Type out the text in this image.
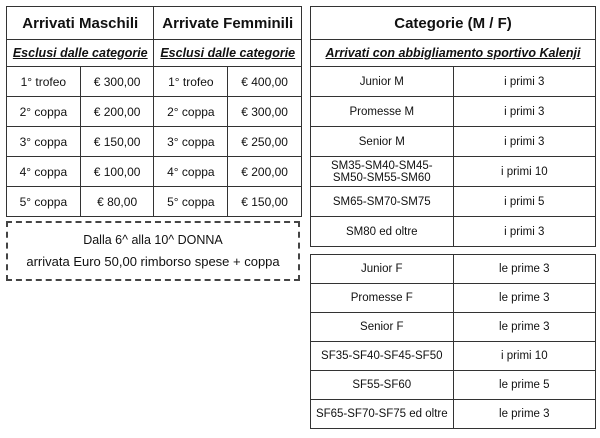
Arrivati Maschili		Arrivate Femminili	
Esclusi dalle categorie		Esclusi dalle categorie	
1° trofeo	€ 300,00	1° trofeo	€ 400,00
2° coppa	€ 200,00	2° coppa	€ 300,00
3° coppa	€ 150,00	3° coppa	€ 250,00
4° coppa	€ 100,00	4° coppa	€ 200,00
5° coppa	€ 80,00	5° coppa	€ 150,00
Dalla 6^ alla 10^ DONNA
arrivata Euro 50,00 rimborso spese + coppa
Categorie (M / F)	
Arrivati con abbigliamento sportivo Kalenji	
Junior M	i primi 3
Promesse M	i primi 3
Senior M	i primi 3
SM35-SM40-SM45-SM50-SM55-SM60	i primi 10
SM65-SM70-SM75	i primi 5
SM80 ed oltre	i primi 3
Junior F	le prime 3
Promesse F	le prime 3
Senior F	le prime 3
SF35-SF40-SF45-SF50	i primi 10
SF55-SF60	le prime 5
SF65-SF70-SF75 ed oltre	le prime 3
